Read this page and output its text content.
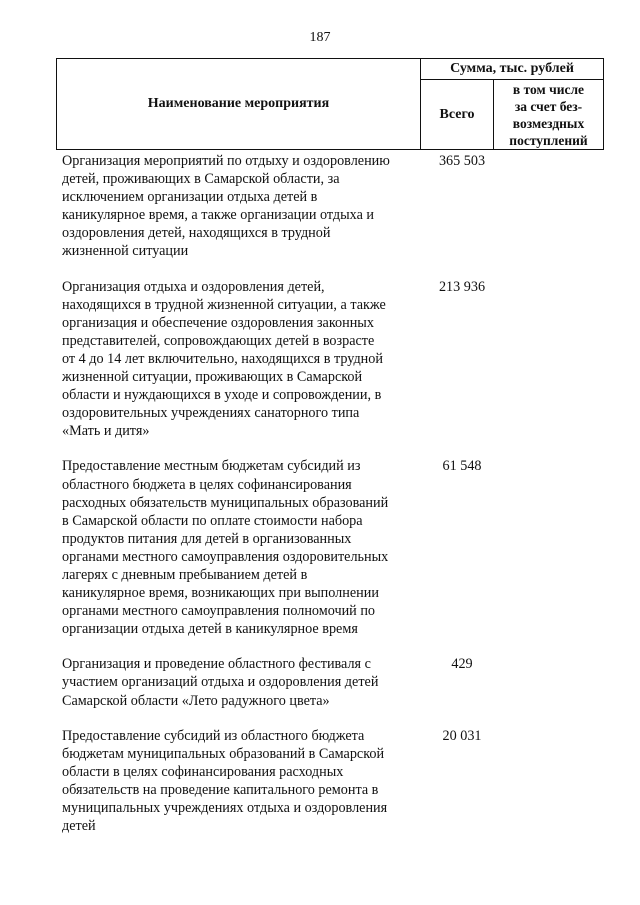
187
Наименование мероприятия
Сумма, тыс. рублей
Всего
в том числе
за счет без-
возмездных
поступлений
Организация мероприятий по отдыху и оздоровлению
детей, проживающих в Самарской области, за
исключением организации отдыха детей в
каникулярное время, а также организации отдыха и
оздоровления детей, находящихся в трудной
жизненной ситуации
365 503
Организация отдыха и оздоровления детей,
находящихся в трудной жизненной ситуации, а также
организация и обеспечение оздоровления законных
представителей, сопровождающих детей в возрасте
от 4 до 14 лет включительно, находящихся в трудной
жизненной ситуации, проживающих в Самарской
области и нуждающихся в уходе и сопровождении, в
оздоровительных учреждениях санаторного типа
«Мать и дитя»
213 936
Предоставление местным бюджетам субсидий из
областного бюджета в целях софинансирования
расходных обязательств муниципальных образований
в Самарской области по оплате стоимости набора
продуктов питания для детей в организованных
органами местного самоуправления оздоровительных
лагерях с дневным пребыванием детей в
каникулярное время, возникающих при выполнении
органами местного самоуправления полномочий по
организации отдыха детей в каникулярное время
61 548
Организация и проведение областного фестиваля с
участием организаций отдыха и оздоровления детей
Самарской области «Лето радужного цвета»
429
Предоставление субсидий из областного бюджета
бюджетам муниципальных образований в Самарской
области в целях софинансирования расходных
обязательств на проведение капитального ремонта в
муниципальных учреждениях отдыха и оздоровления
детей
20 031
